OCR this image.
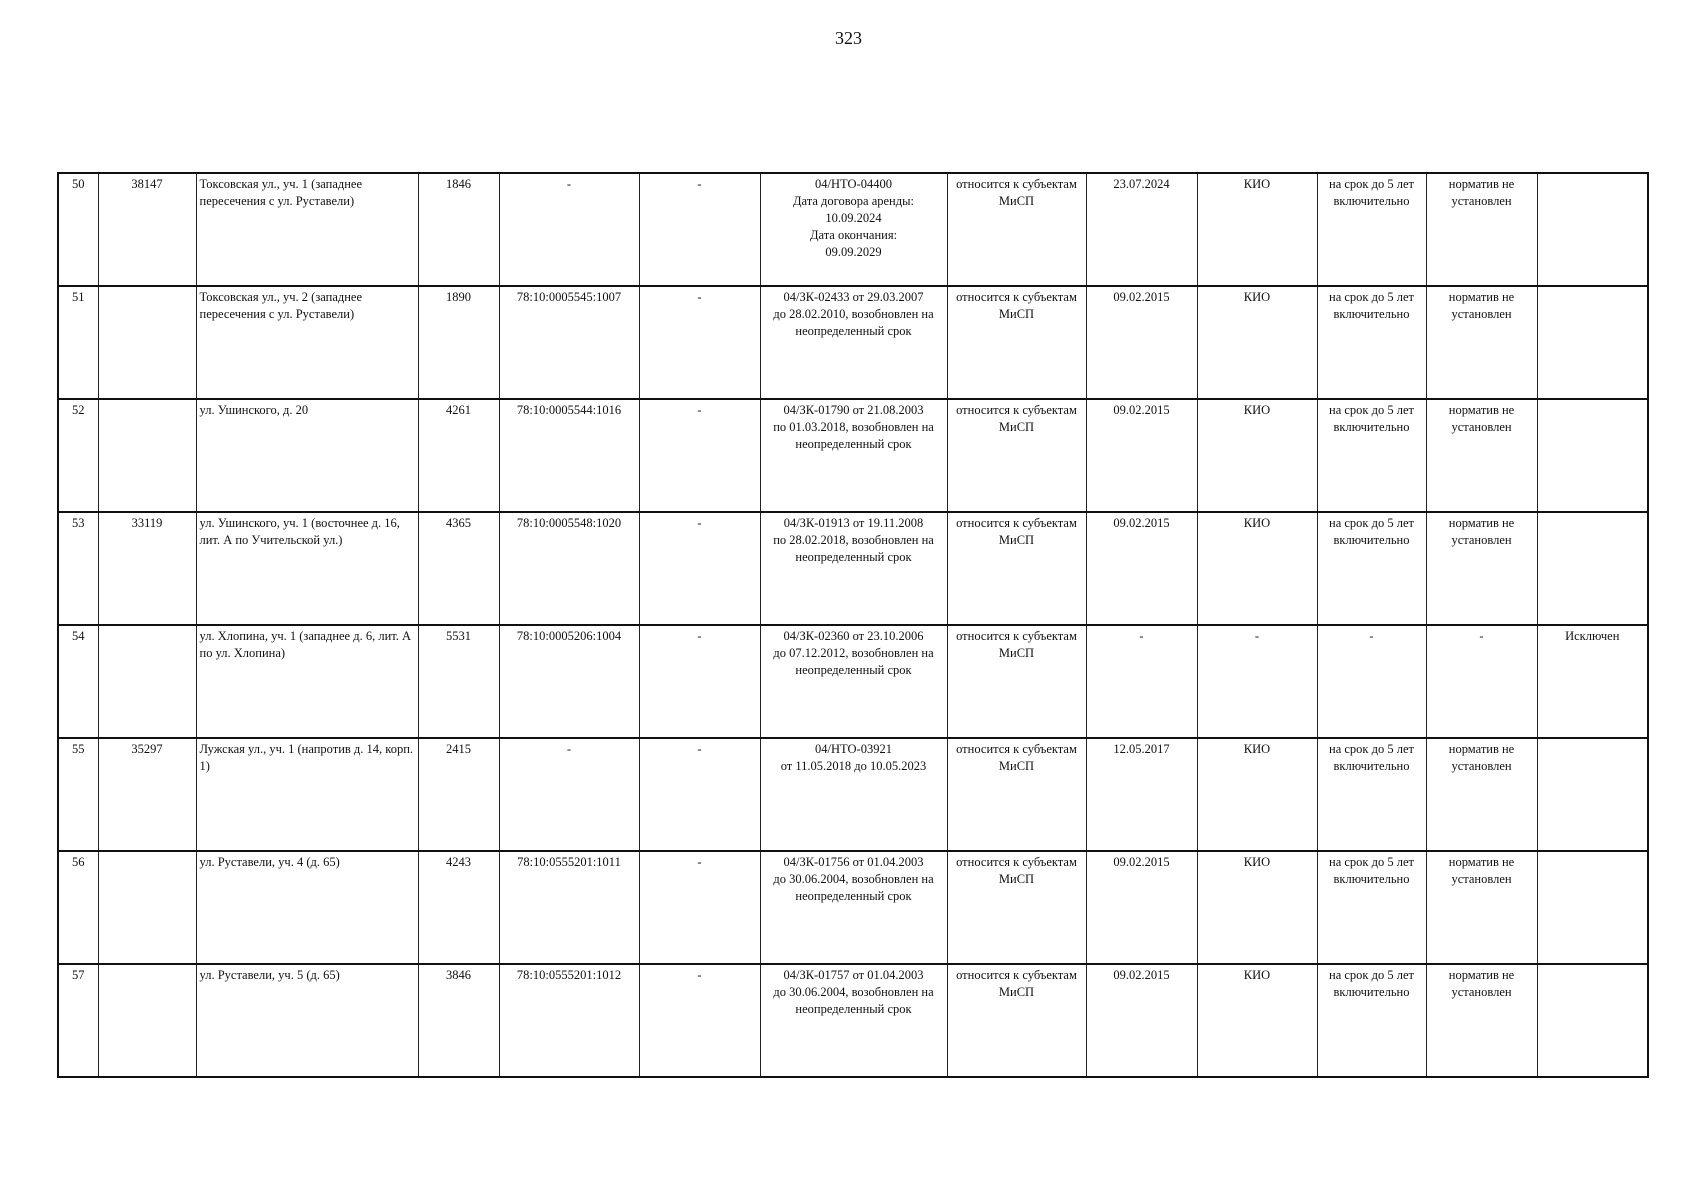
323
50	38147	Токсовская ул., уч. 1 (западнее пересечения с ул. Руставели)	1846	-	-	04/НТО-04400
Дата договора аренды:
10.09.2024
Дата окончания:
09.09.2029	относится к субъектам МиСП	23.07.2024	КИО	на срок до 5 лет включительно	норматив не установлен	
51		Токсовская ул., уч. 2 (западнее пересечения с ул. Руставели)	1890	78:10:0005545:1007	-	04/ЗК-02433 от 29.03.2007
до 28.02.2010, возобновлен на
неопределенный срок	относится к субъектам МиСП	09.02.2015	КИО	на срок до 5 лет включительно	норматив не установлен	
52		ул. Ушинского, д. 20	4261	78:10:0005544:1016	-	04/ЗК-01790 от 21.08.2003
по 01.03.2018, возобновлен на
неопределенный срок	относится к субъектам МиСП	09.02.2015	КИО	на срок до 5 лет включительно	норматив не установлен	
53	33119	ул. Ушинского, уч. 1 (восточнее д. 16, лит. А по Учительской ул.)	4365	78:10:0005548:1020	-	04/ЗК-01913 от 19.11.2008
по 28.02.2018, возобновлен на
неопределенный срок	относится к субъектам МиСП	09.02.2015	КИО	на срок до 5 лет включительно	норматив не установлен	
54		ул. Хлопина, уч. 1 (западнее д. 6, лит. А по ул. Хлопина)	5531	78:10:0005206:1004	-	04/ЗК-02360 от 23.10.2006
до 07.12.2012, возобновлен на
неопределенный срок	относится к субъектам МиСП	-	-	-	-	Исключен
55	35297	Лужская ул., уч. 1 (напротив д. 14, корп. 1)	2415	-	-	04/НТО-03921
от 11.05.2018 до 10.05.2023	относится к субъектам МиСП	12.05.2017	КИО	на срок до 5 лет включительно	норматив не установлен	
56		ул. Руставели, уч. 4 (д. 65)	4243	78:10:0555201:1011	-	04/ЗК-01756 от 01.04.2003
до 30.06.2004, возобновлен на
неопределенный срок	относится к субъектам МиСП	09.02.2015	КИО	на срок до 5 лет включительно	норматив не установлен	
57		ул. Руставели, уч. 5 (д. 65)	3846	78:10:0555201:1012	-	04/ЗК-01757 от 01.04.2003
до 30.06.2004, возобновлен на
неопределенный срок	относится к субъектам МиСП	09.02.2015	КИО	на срок до 5 лет включительно	норматив не установлен	
